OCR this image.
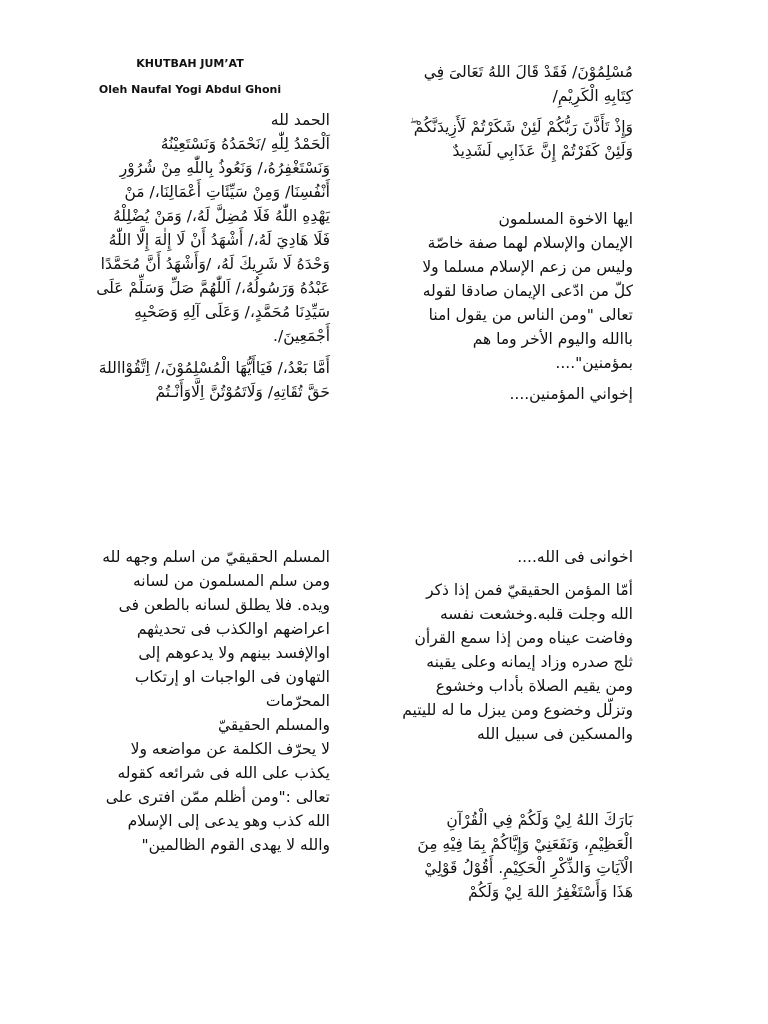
KHUTBAH JUM’AT
Oleh Naufal Yogi Abdul Ghoni
الحمد لله
اَلْحَمْدُ لِلّٰهِ /نَحْمَدُهُ وَنَسْتَعِيْنُهُ
وَنَسْتَغْفِرُهُ،/ وَنَعُوذُ بِاللّٰهِ مِنْ شُرُوْرِ
أَنْفُسِنَا/ وَمِنْ سَيِّئَاتِ أَعْمَالِنَا،/ مَنْ
يَهْدِهِ اللّٰهُ فَلَا مُضِلَّ لَهُ،/ وَمَنْ يُضْلِلْهُ
فَلَا هَادِيَ لَهُ،/ أَشْهَدُ أَنْ لَا إِلٰهَ إِلَّا اللّٰهُ
وَحْدَهُ لَا شَرِيكَ لَهُ، /وَأَشْهَدُ أَنَّ مُحَمَّدًا
عَبْدُهُ وَرَسُولُهُ،/ اَللّٰهُمَّ صَلِّ وَسَلِّمْ عَلَى
سَيِّدِنَا مُحَمَّدٍ،/ وَعَلَى آلِهِ وَصَحْبِهِ
أَجْمَعِينَ/.
أَمَّا بَعْدُ،/ فَيَاأَيُّهَا الْمُسْلِمُوْنَ،/ اِتَّقُوْااللهَ
حَقَّ تُقَاتِهِ/ وَلَاتَمُوْتُنَّ اِلَّاوَأَنْـتُمْ
مُسْلِمُوْنَ/ فَقَدْ قَالَ اللهُ تَعَالىَ فِي
كِتَابِهِ الْكَرِيْمِ/
وَإِذْ تَأَذَّنَ رَبُّكُمْ لَئِنْ شَكَرْتُمْ لَأَزِيدَنَّكُمْ ۖ
وَلَئِنْ كَفَرْتُمْ إِنَّ عَذَابِي لَشَدِيدٌ
ايها الاخوة المسلمون
الإيمان والإسلام لهما صفة خاصّة
وليس من زعم الإسلام مسلما ولا
كلّ من ادّعى الإيمان صادقا لقوله
تعالى "ومن الناس من يقول امنا
باالله واليوم الأخر وما هم
بمؤمنين"....
إخواني المؤمنين....
المسلم الحقيقيّ من اسلم وجهه لله
ومن سلم المسلمون من لسانه
ويده. فلا يطلق لسانه بالطعن فى
اعراضهم اوالكذب فى تحديثهم
اوالإفسد بينهم ولا يدعوهم إلى
التهاون فى الواجبات او إرتكاب
المحرّمات
والمسلم الحقيقيّ
لا يحرّف الكلمة عن مواضعه ولا
يكذب على الله فى شرائعه كقوله
تعالى :"ومن أظلم ممّن افترى على
الله كذب وهو يدعى إلى الإسلام
والله لا يهدى القوم الظالمين"
اخوانى فى الله....
أمّا المؤمن الحقيقيّ فمن إذا ذكر
الله وجلت قلبه.وخشعت نفسه
وفاضت عيناه ومن إذا سمع القرأن
ثلج صدره وزاد إيمانه وعلى يقينه
ومن يقيم الصلاة بأداب وخشوع
وتزلّل وخضوع ومن يبزل ما له لليتيم
والمسكين فى سبيل الله
بَارَكَ اللهُ لِيْ وَلَكُمْ فِي الْقُرْآنِ
الْعَظِيْمِ، وَنَفَعَنِيْ وَإِيَّاكُمْ بِمَا فِيْهِ مِنَ
الْآيَاتِ وَالذِّكْرِ الْحَكِيْمِ. أَقُوْلُ قَوْلِيْ
هَذَا وَأَسْتَغْفِرُ اللهَ لِيْ وَلَكُمْ
